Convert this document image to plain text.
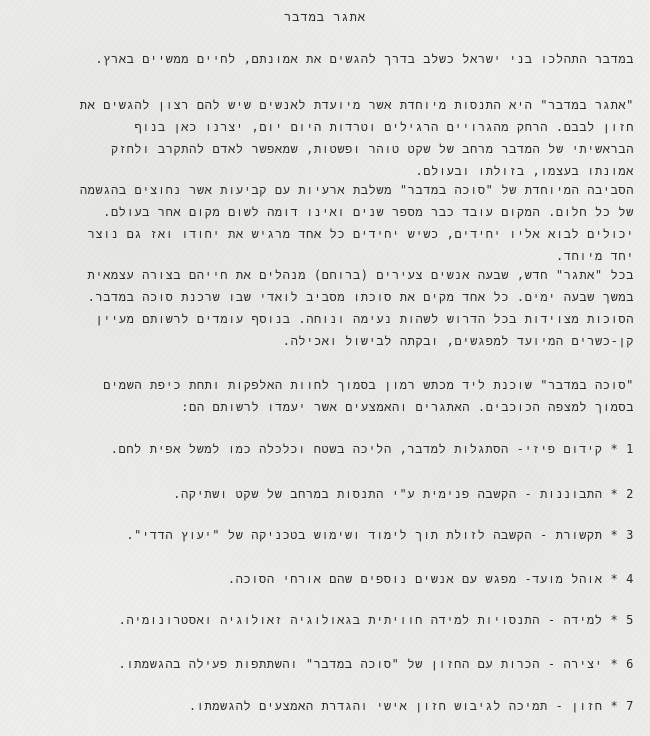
אתגר במדבר
במדבר התהלכו בני ישראל כשלב בדרך להגשים את אמונתם, לחיים ממשיים בארץ.
"אתגר במדבר" היא התנסות מיוחדת אשר מיועדת לאנשים שיש להם רצון להגשים את
חזון לבבם. הרחק מהגרויים הרגילים וטרדות היום יום, יצרנו כאן בנוף
הבראשיתי של המדבר מרחב של שקט טוהר ופשטות, שמאפשר לאדם להתקרב ולחזק
אמונתו בעצמו, בזולתו ובעולם.
הסביבה המיוחדת של "סוכה במדבר" משלבת ארעיות עם קביעות אשר נחוצים בהגשמה
של כל חלום. המקום עובד כבר מספר שנים ואינו דומה לשום מקום אחר בעולם.
יכולים לבוא אליו יחידים, כשיש יחידים כל אחד מרגיש את יחודו ואז גם נוצר
יחד מיוחד.
בכל "אתגר" חדש, שבעה אנשים צעירים (ברוחם) מנהלים את חייהם בצורה עצמאית
במשך שבעה ימים. כל אחד מקים את סוכתו מסביב לואדי שבו שרכנת סוכה במדבר.
הסוכות מצוידות בכל הדרוש לשהות נעימה ונוחה. בנוסף עומדים לרשותם מעיין
קן-כשרים המיועד למפגשים, ובקתה לבישול ואכילה.
"סוכה במדבר" שוכנת ליד מכתש רמון בסמוך לחוות האלפקות ותחת כיפת השמים
בסמוך למצפה הכוכבים. האתגרים והאמצעים אשר יעמדו לרשותם הם:
1 *קידום פיזי- הסתגלות למדבר, הליכה בשטח וכלכלה כמו למשל אפית לחם.
2 *התבוננות - הקשבה פנימית ע"י התנסות במרחב של שקט ושתיקה.
3 *תקשורת - הקשבה לזולת תוך לימוד ושימוש בטכניקה של "יעוץ הדדי".
4 *אוהל מועד- מפגש עם אנשים נוספים שהם אורחי הסוכה.
5 *למידה - התנסויות למידה חוויתית בגאולוגיה זאולוגיה ואסטרונומיה.
6 *יצירה - הכרות עם החזון של "סוכה במדבר" והשתתפות פעילה בהגשמתו.
7 *חזון - תמיכה לגיבוש חזון אישי והגדרת האמצעים להגשמתו.
